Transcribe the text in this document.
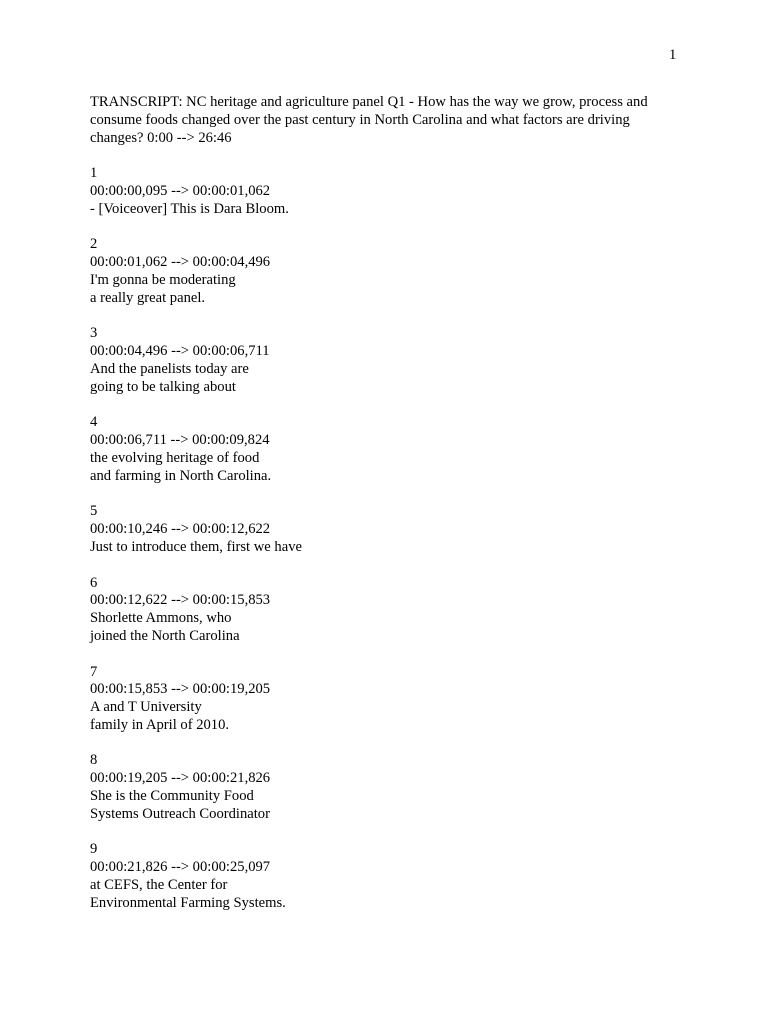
1
TRANSCRIPT: NC heritage and agriculture panel Q1 - How has the way we grow, process and consume foods changed over the past century in North Carolina and what factors are driving changes? 0:00 --> 26:46
1
00:00:00,095 --> 00:00:01,062
- [Voiceover] This is Dara Bloom.
2
00:00:01,062 --> 00:00:04,496
I'm gonna be moderating
a really great panel.
3
00:00:04,496 --> 00:00:06,711
And the panelists today are
going to be talking about
4
00:00:06,711 --> 00:00:09,824
the evolving heritage of food
and farming in North Carolina.
5
00:00:10,246 --> 00:00:12,622
Just to introduce them, first we have
6
00:00:12,622 --> 00:00:15,853
Shorlette Ammons, who
joined the North Carolina
7
00:00:15,853 --> 00:00:19,205
A and T University
family in April of 2010.
8
00:00:19,205 --> 00:00:21,826
She is the Community Food
Systems Outreach Coordinator
9
00:00:21,826 --> 00:00:25,097
at CEFS, the Center for
Environmental Farming Systems.
